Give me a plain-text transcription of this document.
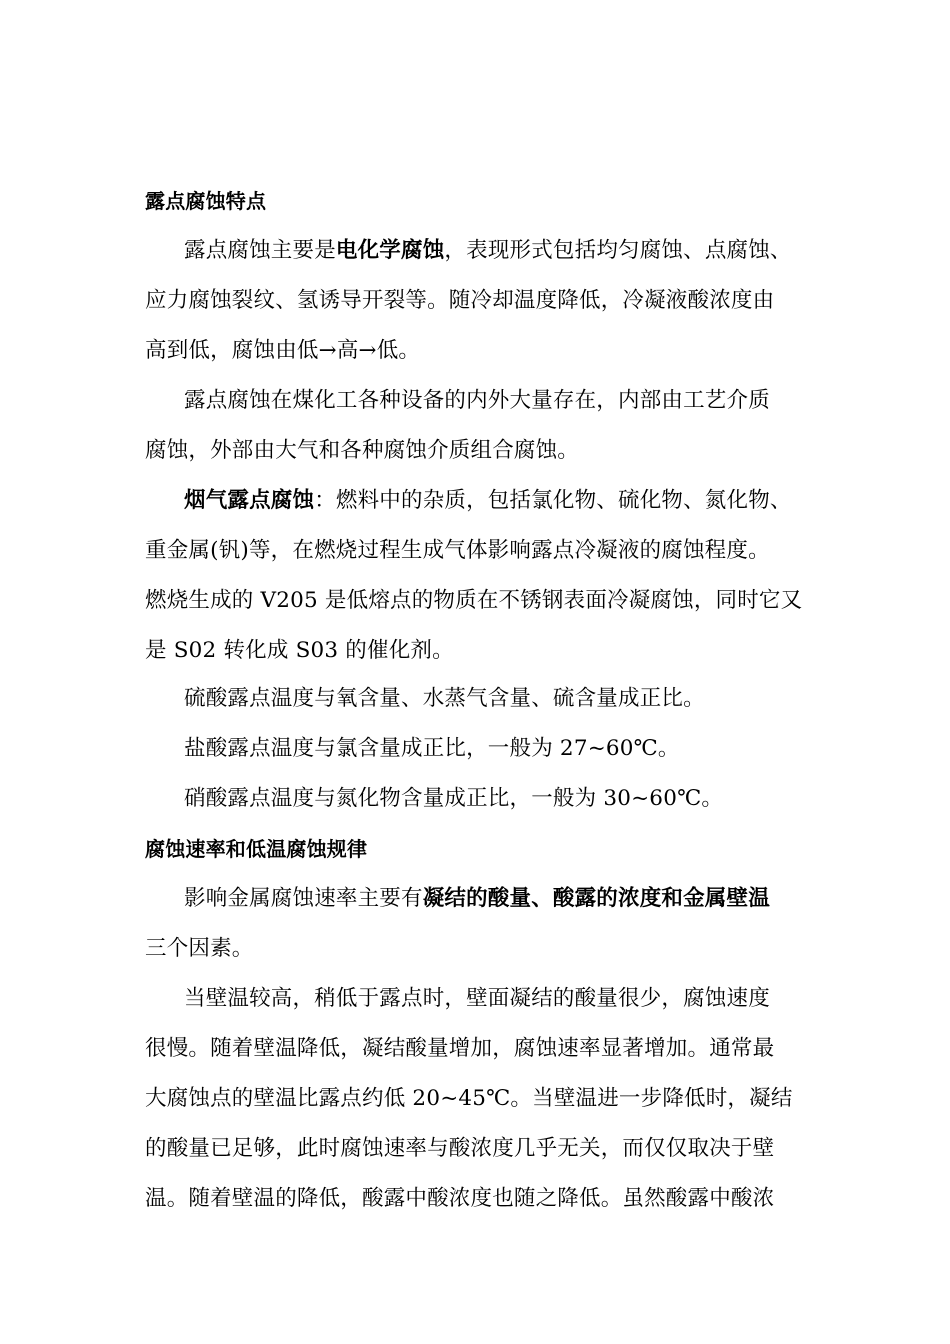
露点腐蚀特点
露点腐蚀主要是电化学腐蚀，表现形式包括均匀腐蚀、点腐蚀、
应力腐蚀裂纹、氢诱导开裂等。随冷却温度降低，冷凝液酸浓度由
高到低，腐蚀由低→高→低。
露点腐蚀在煤化工各种设备的内外大量存在，内部由工艺介质
腐蚀，外部由大气和各种腐蚀介质组合腐蚀。
烟气露点腐蚀：燃料中的杂质，包括氯化物、硫化物、氮化物、
重金属(钒)等，在燃烧过程生成气体影响露点冷凝液的腐蚀程度。
燃烧生成的 V205 是低熔点的物质在不锈钢表面冷凝腐蚀，同时它又
是 S02 转化成 S03 的催化剂。
硫酸露点温度与氧含量、水蒸气含量、硫含量成正比。
盐酸露点温度与氯含量成正比，一般为 27~60℃。
硝酸露点温度与氮化物含量成正比，一般为 30~60℃。
腐蚀速率和低温腐蚀规律
影响金属腐蚀速率主要有凝结的酸量、酸露的浓度和金属壁温
三个因素。
当壁温较高，稍低于露点时，壁面凝结的酸量很少，腐蚀速度
很慢。随着壁温降低，凝结酸量增加，腐蚀速率显著增加。通常最
大腐蚀点的壁温比露点约低 20~45℃。当壁温进一步降低时，凝结
的酸量已足够，此时腐蚀速率与酸浓度几乎无关，而仅仅取决于壁
温。随着壁温的降低，酸露中酸浓度也随之降低。虽然酸露中酸浓
